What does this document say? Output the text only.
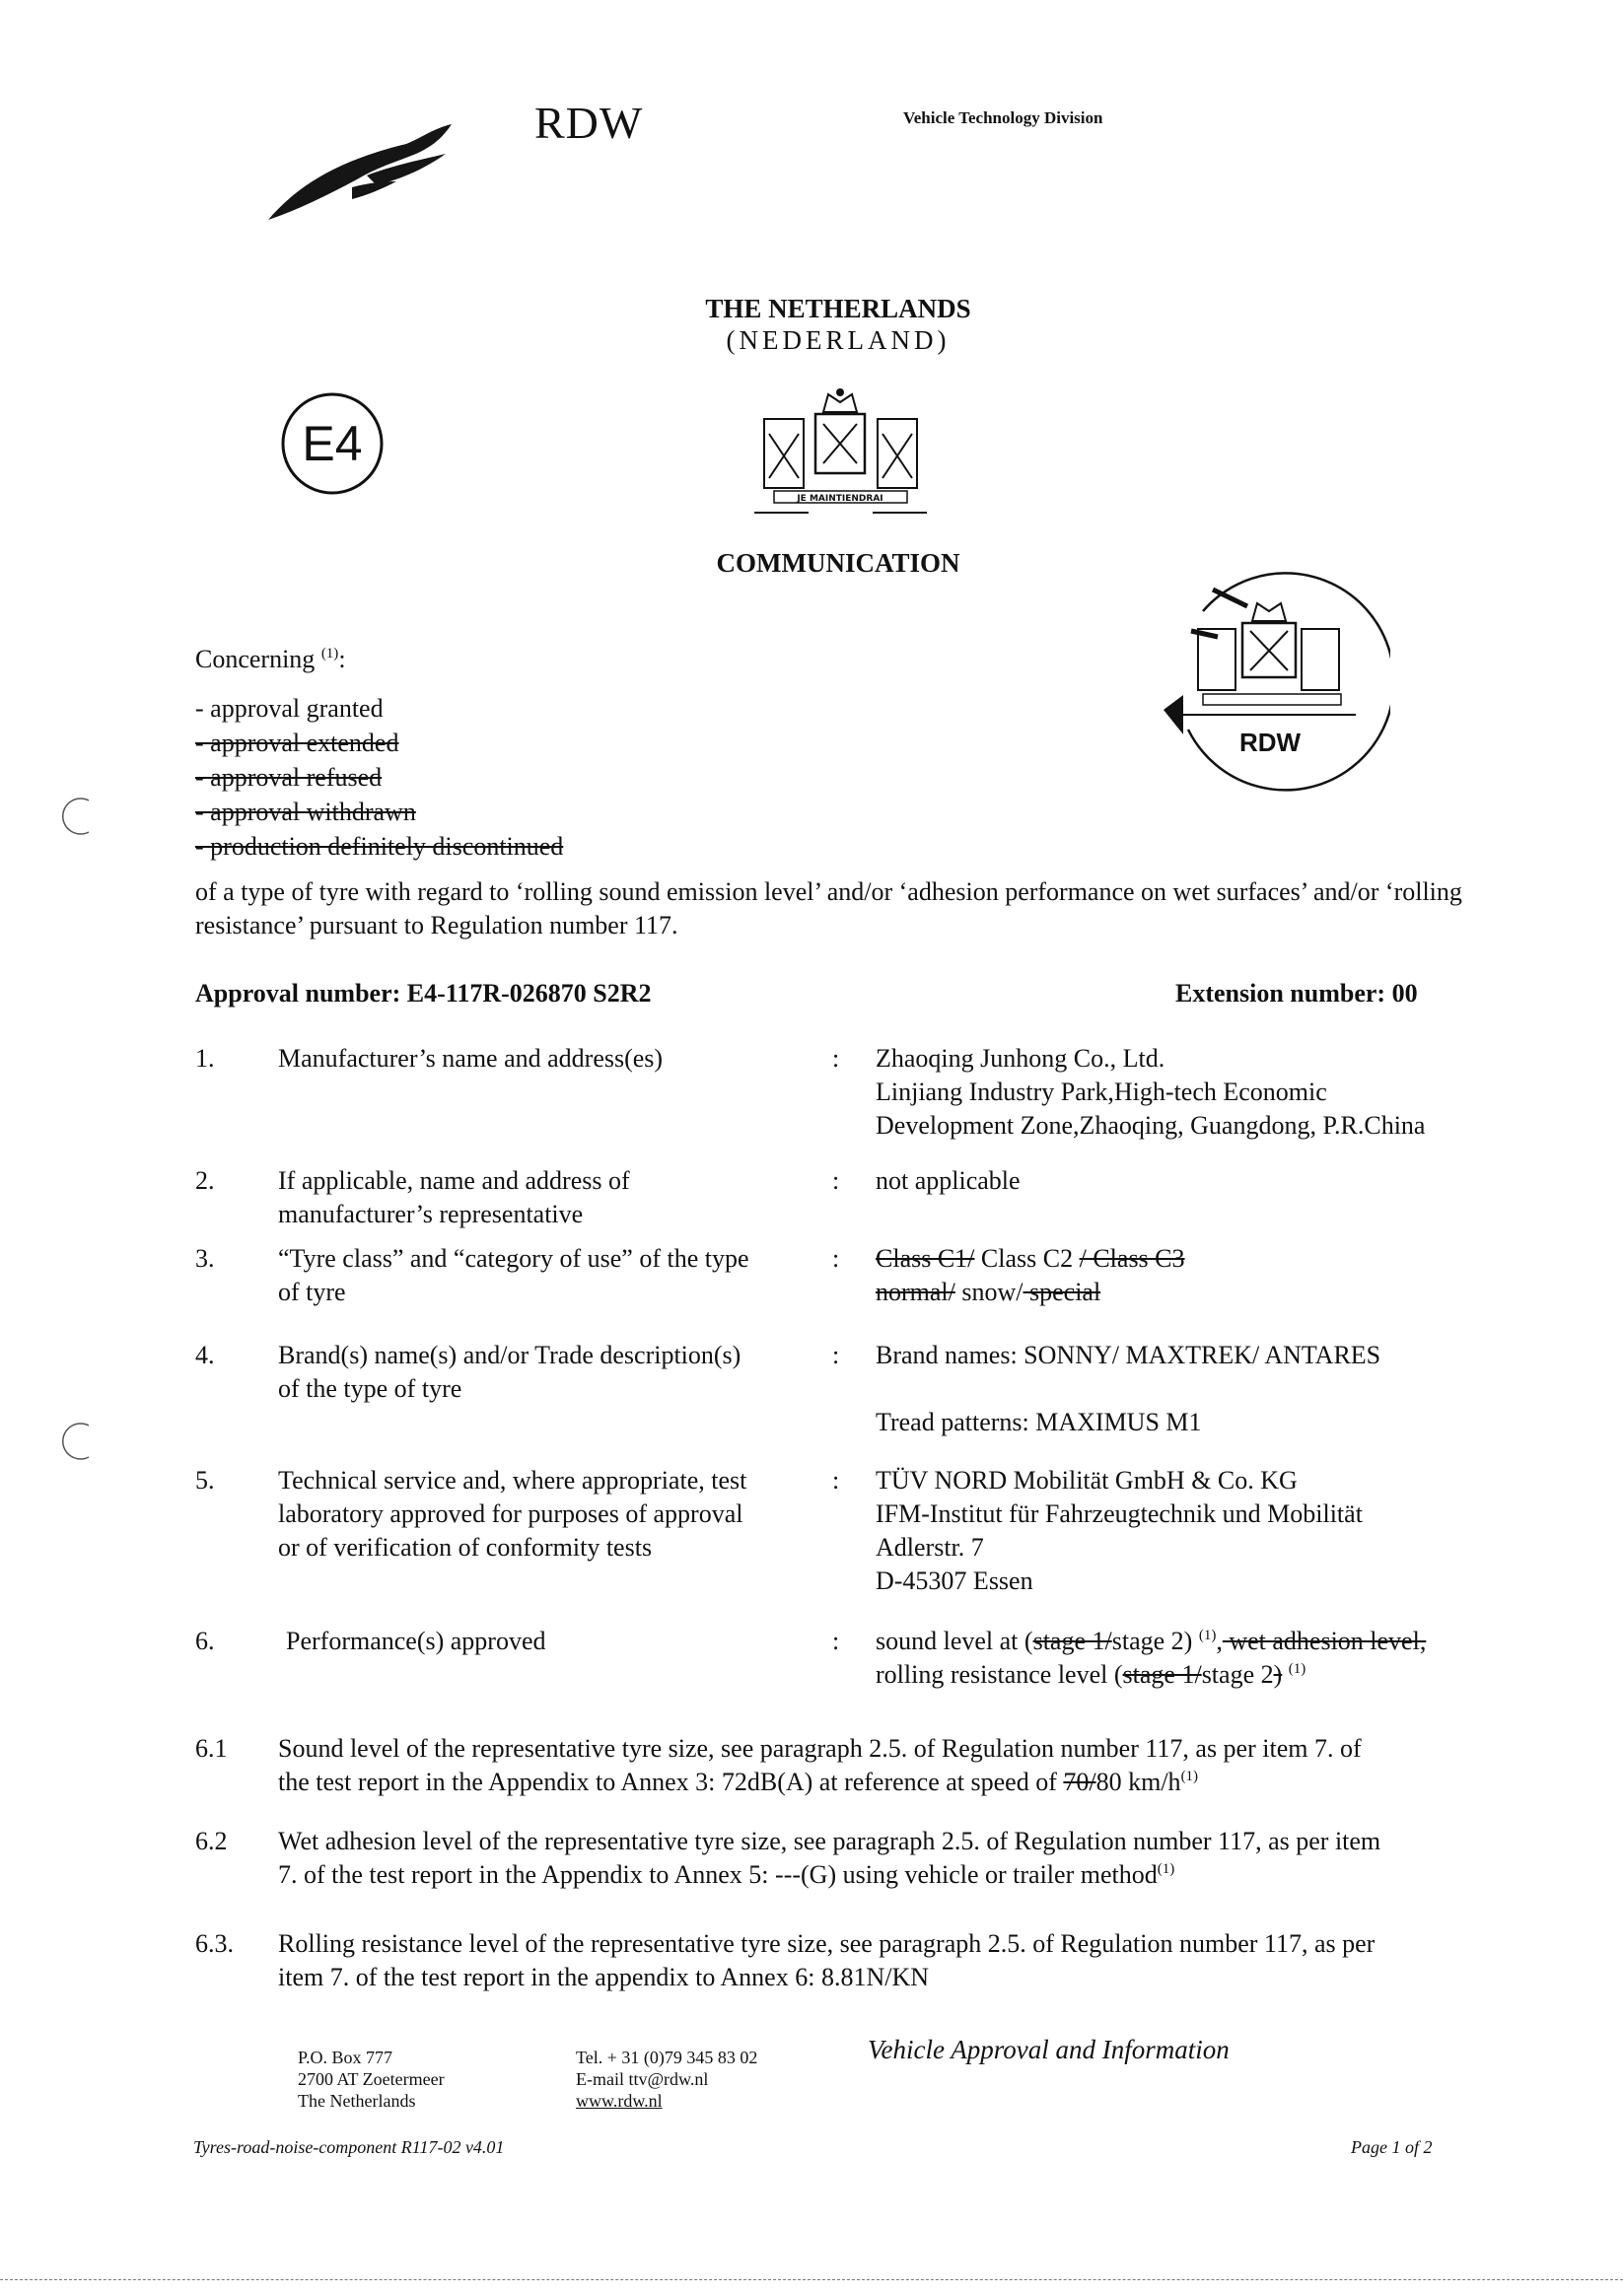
RDW	Vehicle Technology Division
THE NETHERLANDS
(NEDERLAND)
E4
JE MAINTIENDRAI
COMMUNICATION
RDW
Concerning $^{(1)}$:
- approval granted
- approval extended
- approval refused
- approval withdrawn
- production definitely discontinued
of a type of tyre with regard to ‘rolling sound emission level’ and/or ‘adhesion performance on wet surfaces’ and/or ‘rolling resistance’ pursuant to Regulation number 117.
Approval number: E4-117R-026870 S2R2	Extension number: 00
1.	Manufacturer’s name and address(es)	: Zhaoqing Junhong Co., Ltd.
Linjiang Industry Park,High-tech Economic
Development Zone,Zhaoqing, Guangdong, P.R.China
2.	If applicable, name and address of
manufacturer’s representative
: not applicable
3.	“Tyre class” and “category of use” of the type
of tyre
: Class C1/ Class C2 / Class C3
normal/ snow/ special
4.	Brand(s) name(s) and/or Trade description(s)
of the type of tyre
: Brand names: SONNY/ MAXTREK/ ANTARES
Tread patterns: MAXIMUS M1
5.	Technical service and, where appropriate, test
laboratory approved for purposes of approval
or of verification of conformity tests
: TÜV NORD Mobilität GmbH & Co. KG
IFM-Institut für Fahrzeugtechnik und Mobilität
Adlerstr. 7
D-45307 Essen
6.	Performance(s) approved	: sound level at (stage 1/stage 2) $^{(1)}$, wet adhesion level,
rolling resistance level (stage 1/stage 2) $^{(1)}$
6.1 Sound level of the representative tyre size, see paragraph 2.5. of Regulation number 117, as per item 7. of
the test report in the Appendix to Annex 3: 72dB(A) at reference at speed of 70/80 $km/h^{(1)}$
6.2 Wet adhesion level of the representative tyre size, see paragraph 2.5. of Regulation number 117, as per item
7. of the test report in the Appendix to Annex 5: ---(G) using vehicle or trailer method$^{(1)}$
6.3. Rolling resistance level of the representative tyre size, see paragraph 2.5. of Regulation number 117, as per
item 7. of the test report in the appendix to Annex 6: 8.81N/KN
P.O. Box 777
2700 AT Zoetermeer
The Netherlands
Tel. + 31 (0)79 345 83 02
E-mail ttv@rdw.nl
www.rdw.nl
Vehicle Approval and Information
Tyres-road-noise-component R117-02 v4.01	Page 1 of 2
